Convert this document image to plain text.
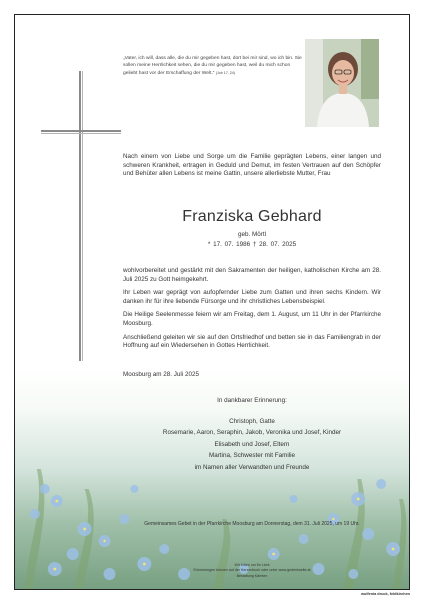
„Vater, ich will, dass alle, die du mir gegeben hast, dort bei mir sind, wo ich bin. Sie sollen meine Herrlichkeit sehen, die du mir gegeben hast, weil du mich schon geliebt hast vor der Erschaffung der Welt.“ (Joh 17, 24)
Nach einem von Liebe und Sorge um die Familie geprägten Lebens, einer langen und schweren Krankheit, ertragen in Geduld und Demut, im festen Vertrauen auf den Schöpfer und Behüter allen Lebens ist meine Gattin, unsere allerliebste Mutter, Frau
Franziska Gebhard
geb. Mörtl
* 17. 07. 1986 † 28. 07. 2025

wohlvorbereitet und gestärkt mit den Sakramenten der heiligen, katholischen Kirche am 28. Juli 2025 zu Gott heimgekehrt.

Ihr Leben war geprägt von aufopfernder Liebe zum Gatten und ihren sechs Kindern. Wir danken ihr für ihre liebende Fürsorge und ihr christliches Lebensbeispiel.

Die Heilige Seelenmesse feiern wir am Freitag, dem 1. August, um 11 Uhr in der Pfarrkirche Moosburg.

Anschließend geleiten wir sie auf den Ortsfriedhof und betten sie in das Familiengrab in der Hoffnung auf ein Wiedersehen in Gottes Herrlichkeit.

Moosburg am 28. Juli 2025
In dankbarer Erinnerung:
Christoph, Gatte
Rosemarie, Aaron, Seraphin, Jakob, Veronika und Josef, Kinder
Elisabeth und Josef, Eltern
Martina, Schwester mit Familie
im Namen aller Verwandten und Freunde
Gemeinsames Gebet in der Pfarrkirche Moosburg am Donnerstag, dem 31. Juli 2025, um 19 Uhr.
Wir bitten um Ihr Licht
Erinnerungen können auf der Kerzenbuch oder unter www.gedenkseite.at
Bestattung Kärnten
wulfenia druck, feldkirchen
